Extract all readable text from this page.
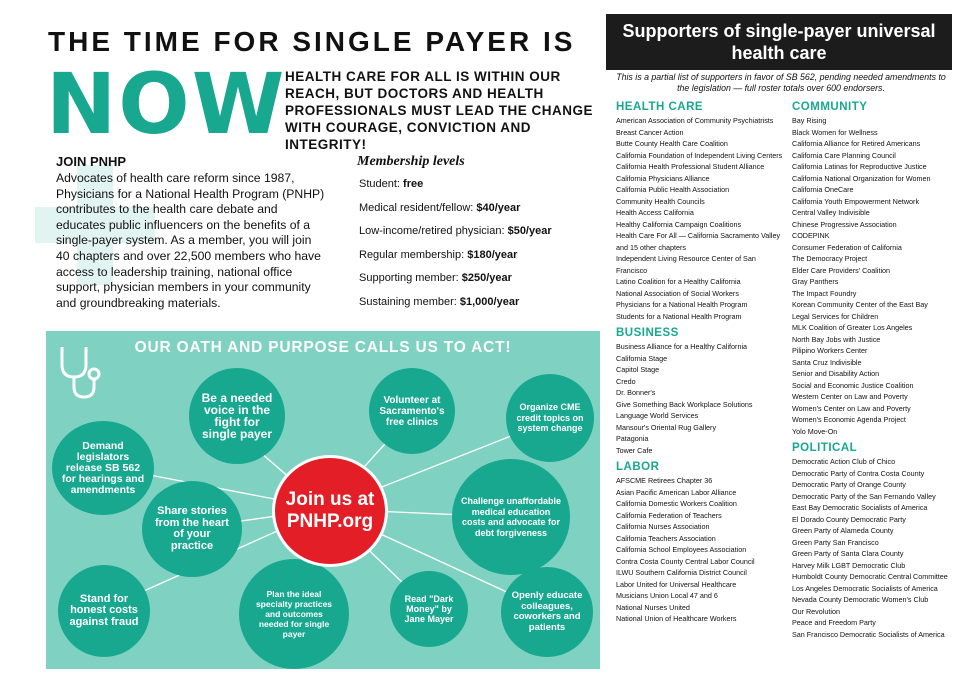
THE TIME FOR SINGLE PAYER IS
NOW
HEALTH CARE FOR ALL IS WITHIN OUR REACH, BUT DOCTORS AND HEALTH PROFESSIONALS MUST LEAD THE CHANGE WITH COURAGE, CONVICTION AND INTEGRITY!
JOIN PNHP
Advocates of health care reform since 1987, Physicians for a National Health Program (PNHP) contributes to the health care debate and educates public influencers on the benefits of a single-payer system. As a member, you will join 40 chapters and over 22,500 members who have access to leadership training, national office support, physician members in your community and groundbreaking materials.
Membership levels
Student: free
Medical resident/fellow: $40/year
Low-income/retired physician: $50/year
Regular membership: $180/year
Supporting member: $250/year
Sustaining member: $1,000/year
OUR OATH AND PURPOSE CALLS US TO ACT!
Be a needed voice in the fight for single payer
Volunteer at Sacramento's free clinics
Organize CME credit topics on system change
Demand legislators release SB 562 for hearings and amendments
Share stories from the heart of your practice
Challenge unaffordable medical education costs and advocate for debt forgiveness
Stand for honest costs against fraud
Plan the ideal specialty practices and outcomes needed for single payer
Read "Dark Money" by Jane Mayer
Openly educate colleagues, coworkers and patients
Join us at PNHP.org
Supporters of single-payer universal health care
This is a partial list of supporters in favor of SB 562, pending needed amendments to the legislation — full roster totals over 600 endorsers.
HEALTH CARE
American Association of Community Psychiatrists
Breast Cancer Action
Butte County Health Care Coalition
California Foundation of Independent Living Centers
California Health Professional Student Alliance
California Physicians Alliance
California Public Health Association
Community Health Councils
Health Access California
Healthy California Campaign Coalitions
Health Care For All — California Sacramento Valley and 15 other chapters
Independent Living Resource Center of San Francisco
Latino Coalition for a Healthy California
National Association of Social Workers
Physicians for a National Health Program
Students for a National Health Program
BUSINESS
Business Alliance for a Healthy California
California Stage
Capitol Stage
Credo
Dr. Bonner's
Give Something Back Workplace Solutions
Language World Services
Mansour's Oriental Rug Gallery
Patagonia
Tower Cafe
LABOR
AFSCME Retirees Chapter 36
Asian Pacific American Labor Alliance
California Domestic Workers Coalition
California Federation of Teachers
California Nurses Association
California Teachers Association
California School Employees Association
Contra Costa County Central Labor Council
ILWU Southern California District Council
Labor United for Universal Healthcare
Musicians Union Local 47 and 6
National Nurses United
National Union of Healthcare Workers
COMMUNITY
Bay Rising
Black Women for Wellness
California Alliance for Retired Americans
California Care Planning Council
California Latinas for Reproductive Justice
California National Organization for Women
California OneCare
California Youth Empowerment Network
Central Valley Indivisible
Chinese Progressive Association
CODEPINK
Consumer Federation of California
The Democracy Project
Elder Care Providers' Coalition
Gray Panthers
The Impact Foundry
Korean Community Center of the East Bay
Legal Services for Children
MLK Coalition of Greater Los Angeles
North Bay Jobs with Justice
Pilipino Workers Center
Santa Cruz Indivisible
Senior and Disability Action
Social and Economic Justice Coalition
Western Center on Law and Poverty
Women's Center on Law and Poverty
Women's Economic Agenda Project
Yolo Move-On
POLITICAL
Democratic Action Club of Chico
Democratic Party of Contra Costa County
Democratic Party of Orange County
Democratic Party of the San Fernando Valley
East Bay Democratic Socialists of America
El Dorado County Democratic Party
Green Party of Alameda County
Green Party San Francisco
Green Party of Santa Clara County
Harvey Milk LGBT Democratic Club
Humboldt County Democratic Central Committee
Los Angeles Democratic Socialists of America
Nevada County Democratic Women's Club
Our Revolution
Peace and Freedom Party
San Francisco Democratic Socialists of America
